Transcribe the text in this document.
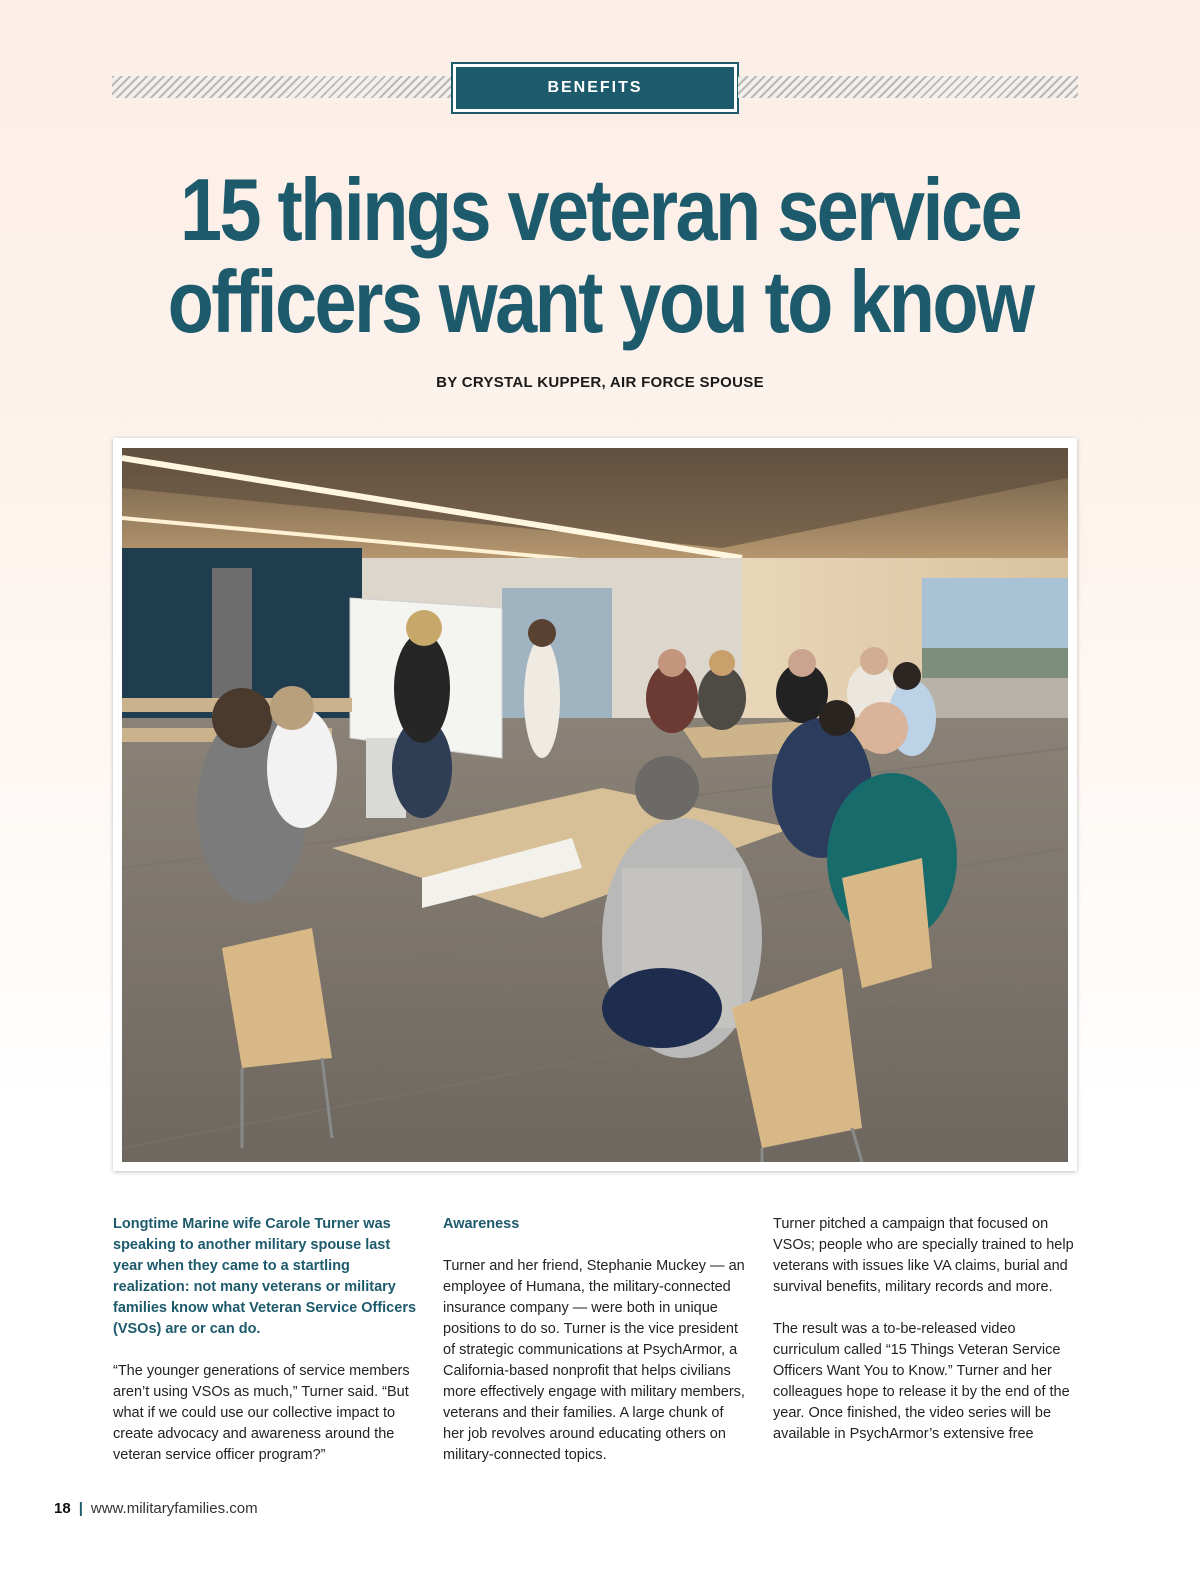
BENEFITS
15 things veteran service
officers want you to know
BY CRYSTAL KUPPER, AIR FORCE SPOUSE

Longtime Marine wife Carole Turner was speaking to another military spouse last year when they came to a startling realization: not many veterans or military families know what Veteran Service Officers (VSOs) are or can do.

“The younger generations of service members aren’t using VSOs as much,” Turner said. “But what if we could use our collective impact to create advocacy and awareness around the veteran service officer program?”

Awareness

Turner and her friend, Stephanie Muckey — an employee of Humana, the military-connected insurance company — were both in unique positions to do so. Turner is the vice president of strategic communications at PsychArmor, a California-based nonprofit that helps civilians more effectively engage with military members, veterans and their families. A large chunk of her job revolves around educating others on military-connected topics.

Turner pitched a campaign that focused on VSOs; people who are specially trained to help veterans with issues like VA claims, burial and survival benefits, military records and more.

The result was a to-be-released video curriculum called “15 Things Veteran Service Officers Want You to Know.” Turner and her colleagues hope to release it by the end of the year. Once finished, the video series will be available in PsychArmor’s extensive free

18 | www.militaryfamilies.com
